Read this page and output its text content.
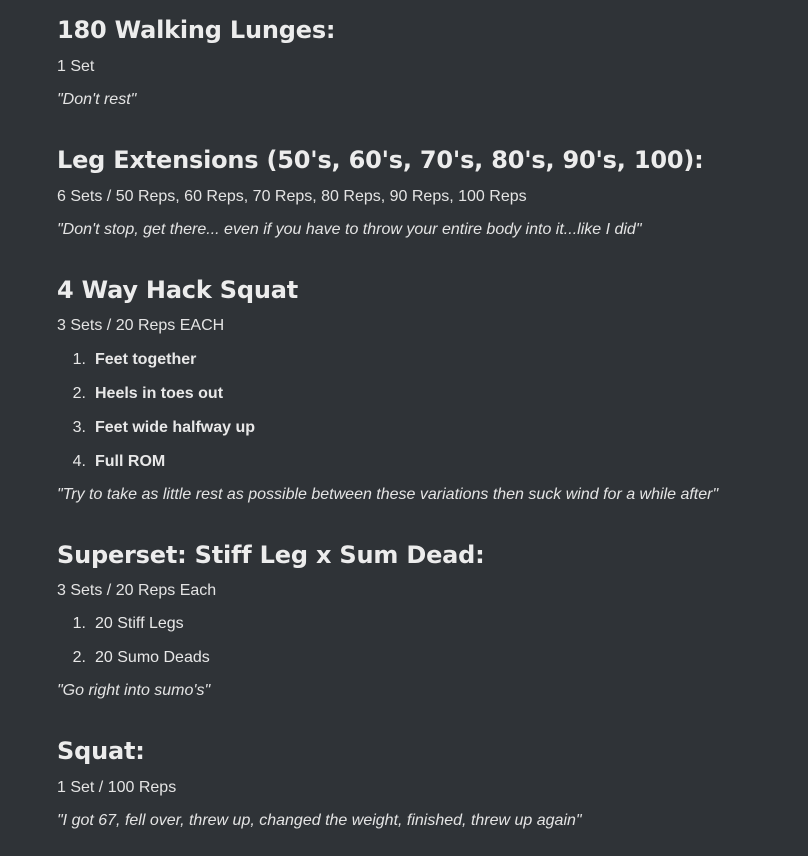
180 Walking Lunges:

1 Set

"Don't rest"

Leg Extensions (50's, 60's, 70's, 80's, 90's, 100):

6 Sets / 50 Reps, 60 Reps, 70 Reps, 80 Reps, 90 Reps, 100 Reps

"Don't stop, get there... even if you have to throw your entire body into it...like I did"

4 Way Hack Squat

3 Sets / 20 Reps EACH

1. Feet together
2. Heels in toes out
3. Feet wide halfway up
4. Full ROM

"Try to take as little rest as possible between these variations then suck wind for a while after"

Superset: Stiff Leg x Sum Dead:

3 Sets / 20 Reps Each

1. 20 Stiff Legs
2. 20 Sumo Deads

"Go right into sumo's"

Squat:

1 Set / 100 Reps

"I got 67, fell over, threw up, changed the weight, finished, threw up again"
